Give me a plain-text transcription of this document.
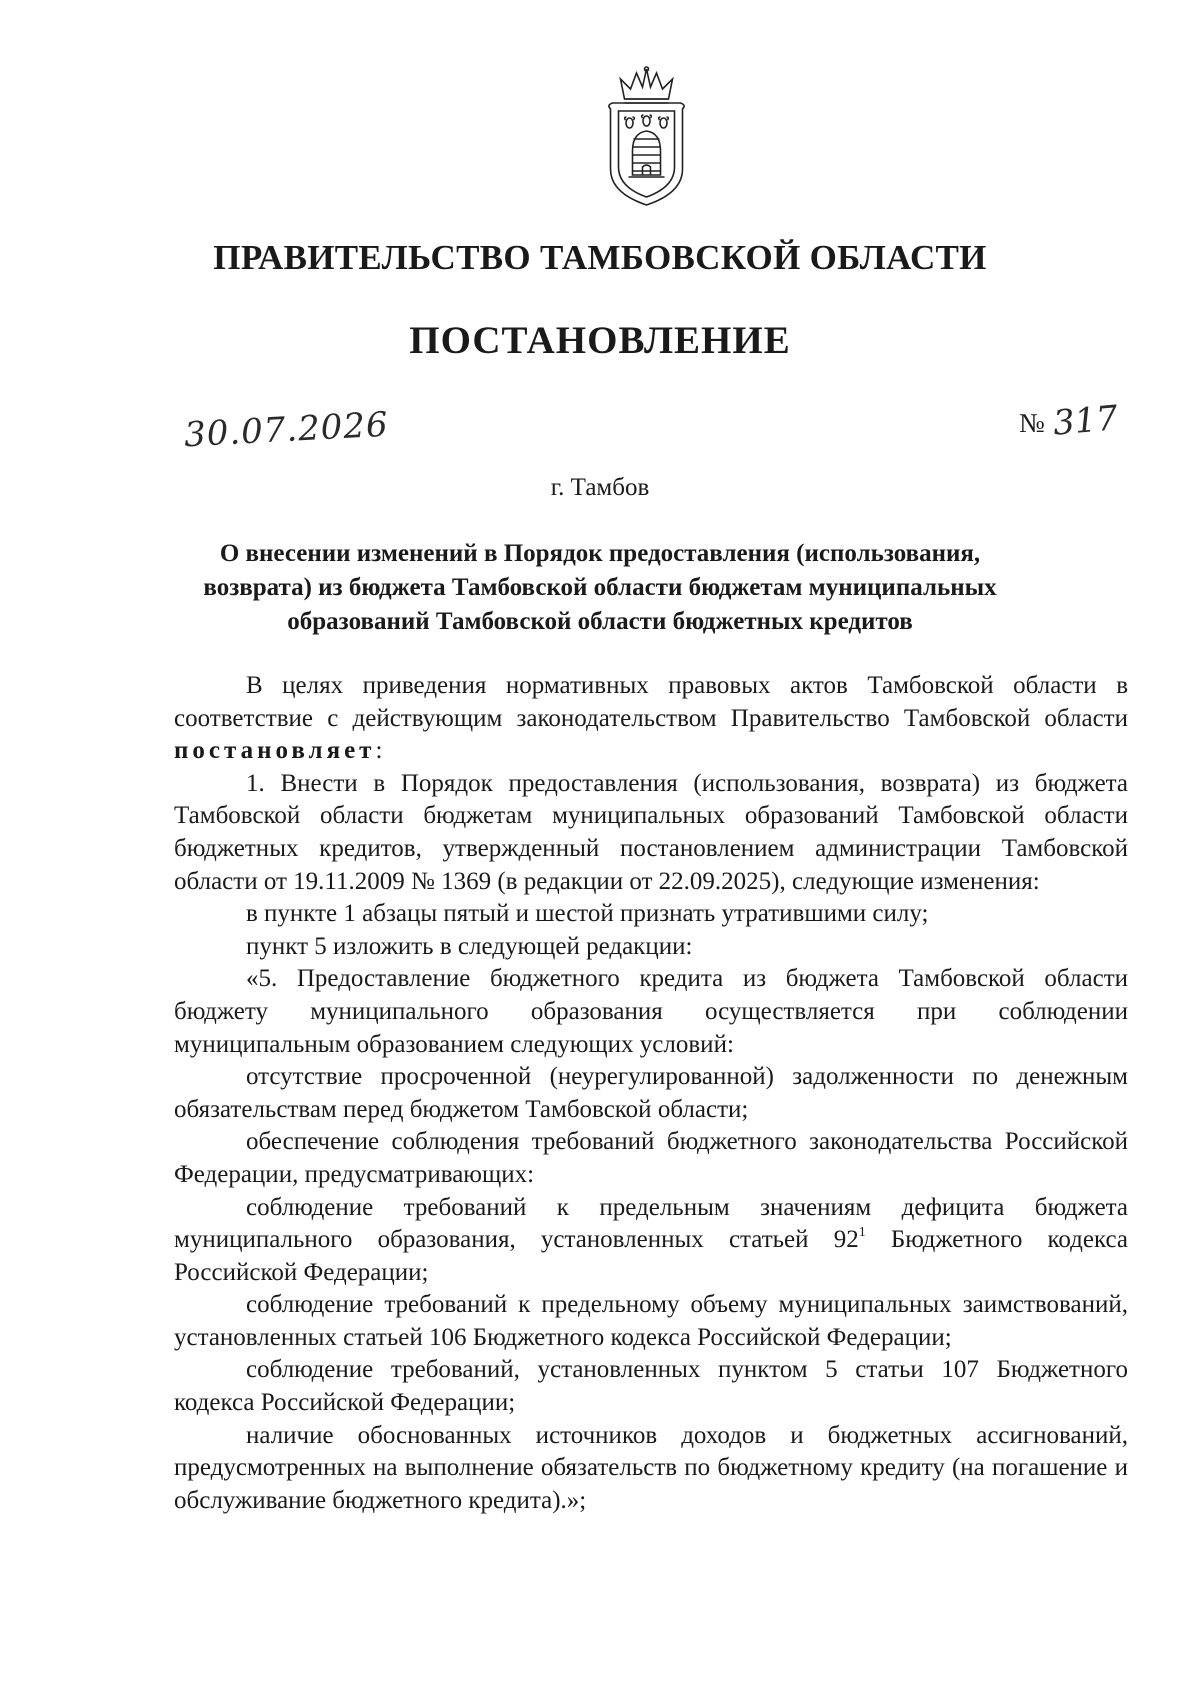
ПРАВИТЕЛЬСТВО ТАМБОВСКОЙ ОБЛАСТИ
ПОСТАНОВЛЕНИЕ
30.07.2026	№ 317
г. Тамбов
О внесении изменений в Порядок предоставления (использования,
возврата) из бюджета Тамбовской области бюджетам муниципальных
образований Тамбовской области бюджетных кредитов

В целях приведения нормативных правовых актов Тамбовской области в соответствие с действующим законодательством Правительство Тамбовской области постановляет:

1. Внести в Порядок предоставления (использования, возврата) из бюджета Тамбовской области бюджетам муниципальных образований Тамбовской области бюджетных кредитов, утвержденный постановлением администрации Тамбовской области от 19.11.2009 № 1369 (в редакции от 22.09.2025), следующие изменения:

в пункте 1 абзацы пятый и шестой признать утратившими силу;

пункт 5 изложить в следующей редакции:

«5. Предоставление бюджетного кредита из бюджета Тамбовской области бюджету муниципального образования осуществляется при соблюдении муниципальным образованием следующих условий:

отсутствие просроченной (неурегулированной) задолженности по денежным обязательствам перед бюджетом Тамбовской области;

обеспечение соблюдения требований бюджетного законодательства Российской Федерации, предусматривающих:

соблюдение требований к предельным значениям дефицита бюджета муниципального образования, установленных статьей $92^1$ Бюджетного кодекса Российской Федерации;

соблюдение требований к предельному объему муниципальных заимствований, установленных статьей 106 Бюджетного кодекса Российской Федерации;

соблюдение требований, установленных пунктом 5 статьи 107 Бюджетного кодекса Российской Федерации;

наличие обоснованных источников доходов и бюджетных ассигнований, предусмотренных на выполнение обязательств по бюджетному кредиту (на погашение и обслуживание бюджетного кредита).»;
